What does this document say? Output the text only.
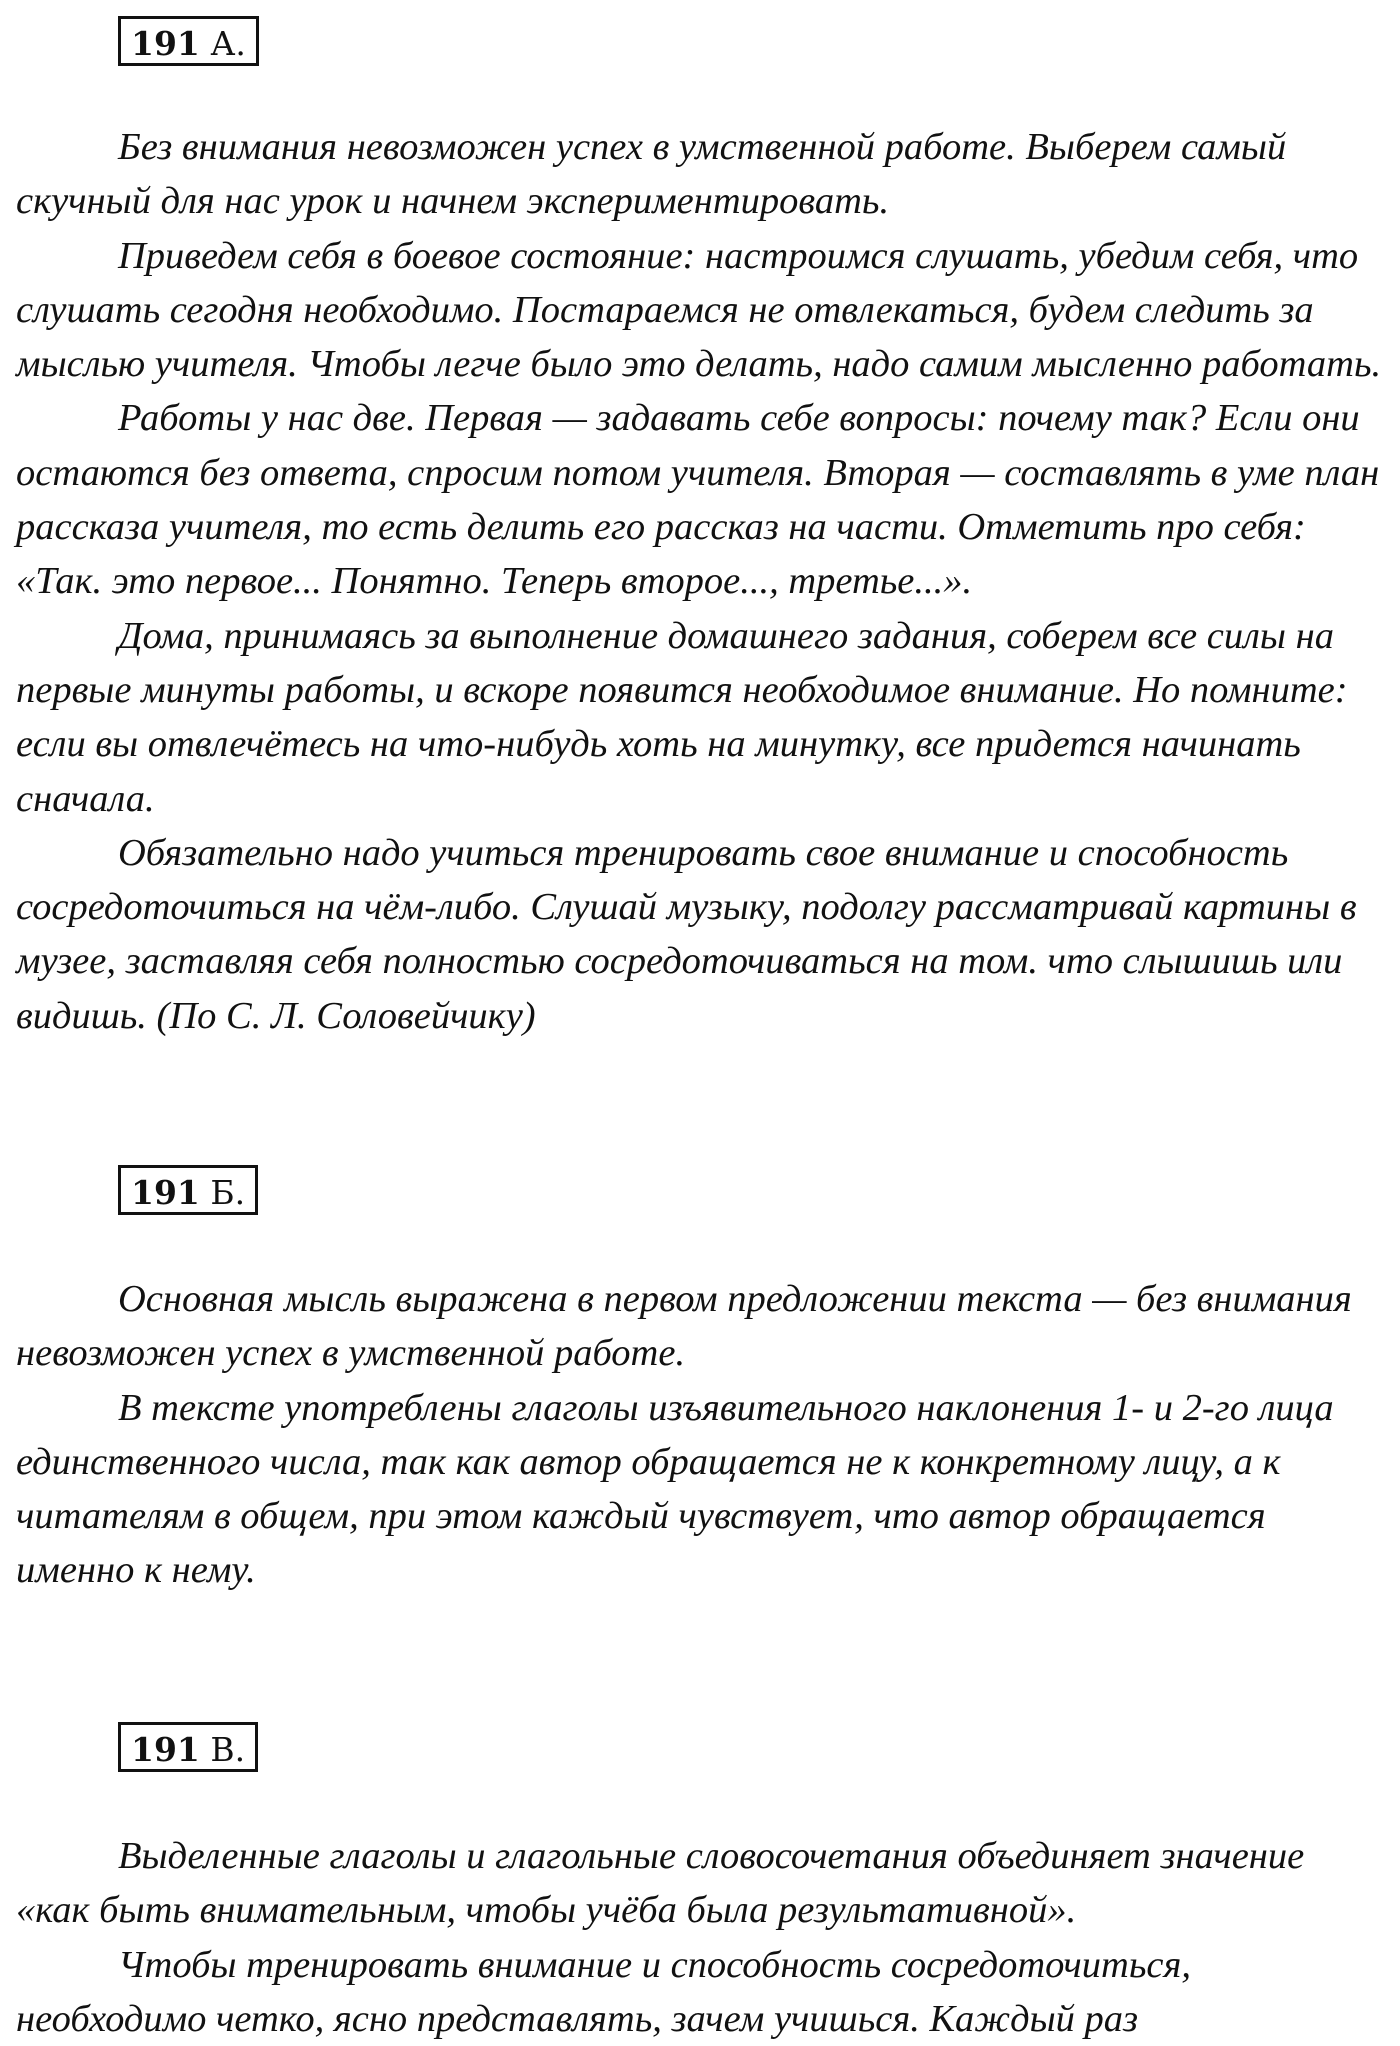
191 А.

Без внимания невозможен успех в умственной работе. Выберем самый скучный для нас урок и начнем экспериментировать.

Приведем себя в боевое состояние: настроимся слушать, убедим себя, что слушать сегодня необходимо. Постараемся не отвлекаться, будем следить за мыслью учителя. Чтобы легче было это делать, надо самим мысленно работать.

Работы у нас две. Первая — задавать себе вопросы: почему так? Если они остаются без ответа, спросим потом учителя. Вторая — составлять в уме план рассказа учителя, то есть делить его рассказ на части. Отметить про себя: «Так. это первое... Понятно. Теперь второе..., третье...».

Дома, принимаясь за выполнение домашнего задания, соберем все силы на первые минуты работы, и вскоре появится необходимое внимание. Но помните: если вы отвлечётесь на что-нибудь хоть на минутку, все придется начинать сначала.

Обязательно надо учиться тренировать свое внимание и способность сосредоточиться на чём-либо. Слушай музыку, подолгу рассматривай картины в музее, заставляя себя полностью сосредоточиваться на том. что слышишь или видишь. (По С. Л. Соловейчику)

191 Б.

Основная мысль выражена в первом предложении текста — без внимания невозможен успех в умственной работе.

В тексте употреблены глаголы изъявительного наклонения 1- и 2-го лица единственного числа, так как автор обращается не к конкретному лицу, а к читателям в общем, при этом каждый чувствует, что автор обращается именно к нему.

191 В.

Выделенные глаголы и глагольные словосочетания объединяет значение «как быть внимательным, чтобы учёба была результативной».

Чтобы тренировать внимание и способность сосредоточиться, необходимо четко, ясно представлять, зачем учишься. Каждый раз
